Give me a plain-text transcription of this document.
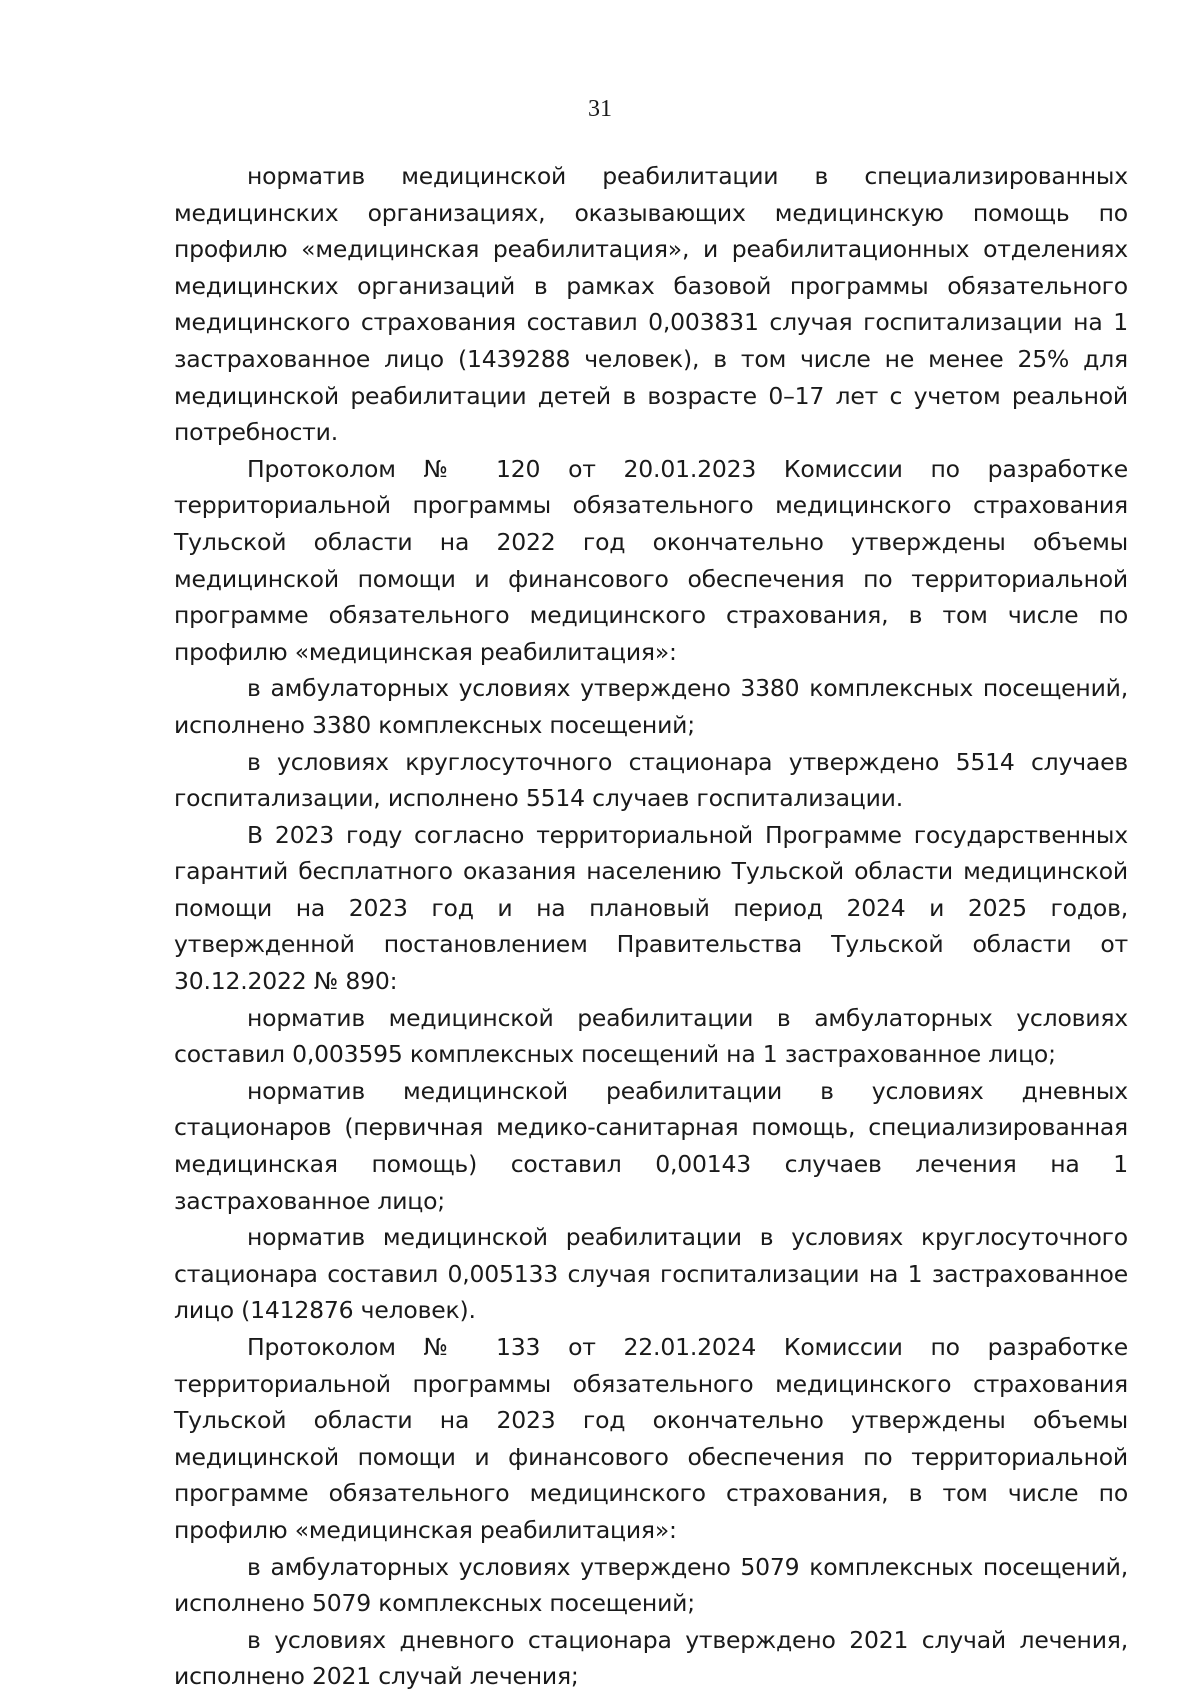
31

норматив медицинской реабилитации в специализированных медицинских организациях, оказывающих медицинскую помощь по профилю «медицинская реабилитация», и реабилитационных отделениях медицинских организаций в рамках базовой программы обязательного медицинского страхования составил 0,003831 случая госпитализации на 1 застрахованное лицо (1439288 человек), в том числе не менее 25% для медицинской реабилитации детей в возрасте 0–17 лет с учетом реальной потребности.

Протоколом № 120 от 20.01.2023 Комиссии по разработке территориальной программы обязательного медицинского страхования Тульской области на 2022 год окончательно утверждены объемы медицинской помощи и финансового обеспечения по территориальной программе обязательного медицинского страхования, в том числе по профилю «медицинская реабилитация»:

в амбулаторных условиях утверждено 3380 комплексных посещений, исполнено 3380 комплексных посещений;

в условиях круглосуточного стационара утверждено 5514 случаев госпитализации, исполнено 5514 случаев госпитализации.

В 2023 году согласно территориальной Программе государственных гарантий бесплатного оказания населению Тульской области медицинской помощи на 2023 год и на плановый период 2024 и 2025 годов, утвержденной постановлением Правительства Тульской области от 30.12.2022 № 890:

норматив медицинской реабилитации в амбулаторных условиях составил 0,003595 комплексных посещений на 1 застрахованное лицо;

норматив медицинской реабилитации в условиях дневных стационаров (первичная медико-санитарная помощь, специализированная медицинская помощь) составил 0,00143 случаев лечения на 1 застрахованное лицо;

норматив медицинской реабилитации в условиях круглосуточного стационара составил 0,005133 случая госпитализации на 1 застрахованное лицо (1412876 человек).

Протоколом № 133 от 22.01.2024 Комиссии по разработке территориальной программы обязательного медицинского страхования Тульской области на 2023 год окончательно утверждены объемы медицинской помощи и финансового обеспечения по территориальной программе обязательного медицинского страхования, в том числе по профилю «медицинская реабилитация»:

в амбулаторных условиях утверждено 5079 комплексных посещений, исполнено 5079 комплексных посещений;

в условиях дневного стационара утверждено 2021 случай лечения, исполнено 2021 случай лечения;
